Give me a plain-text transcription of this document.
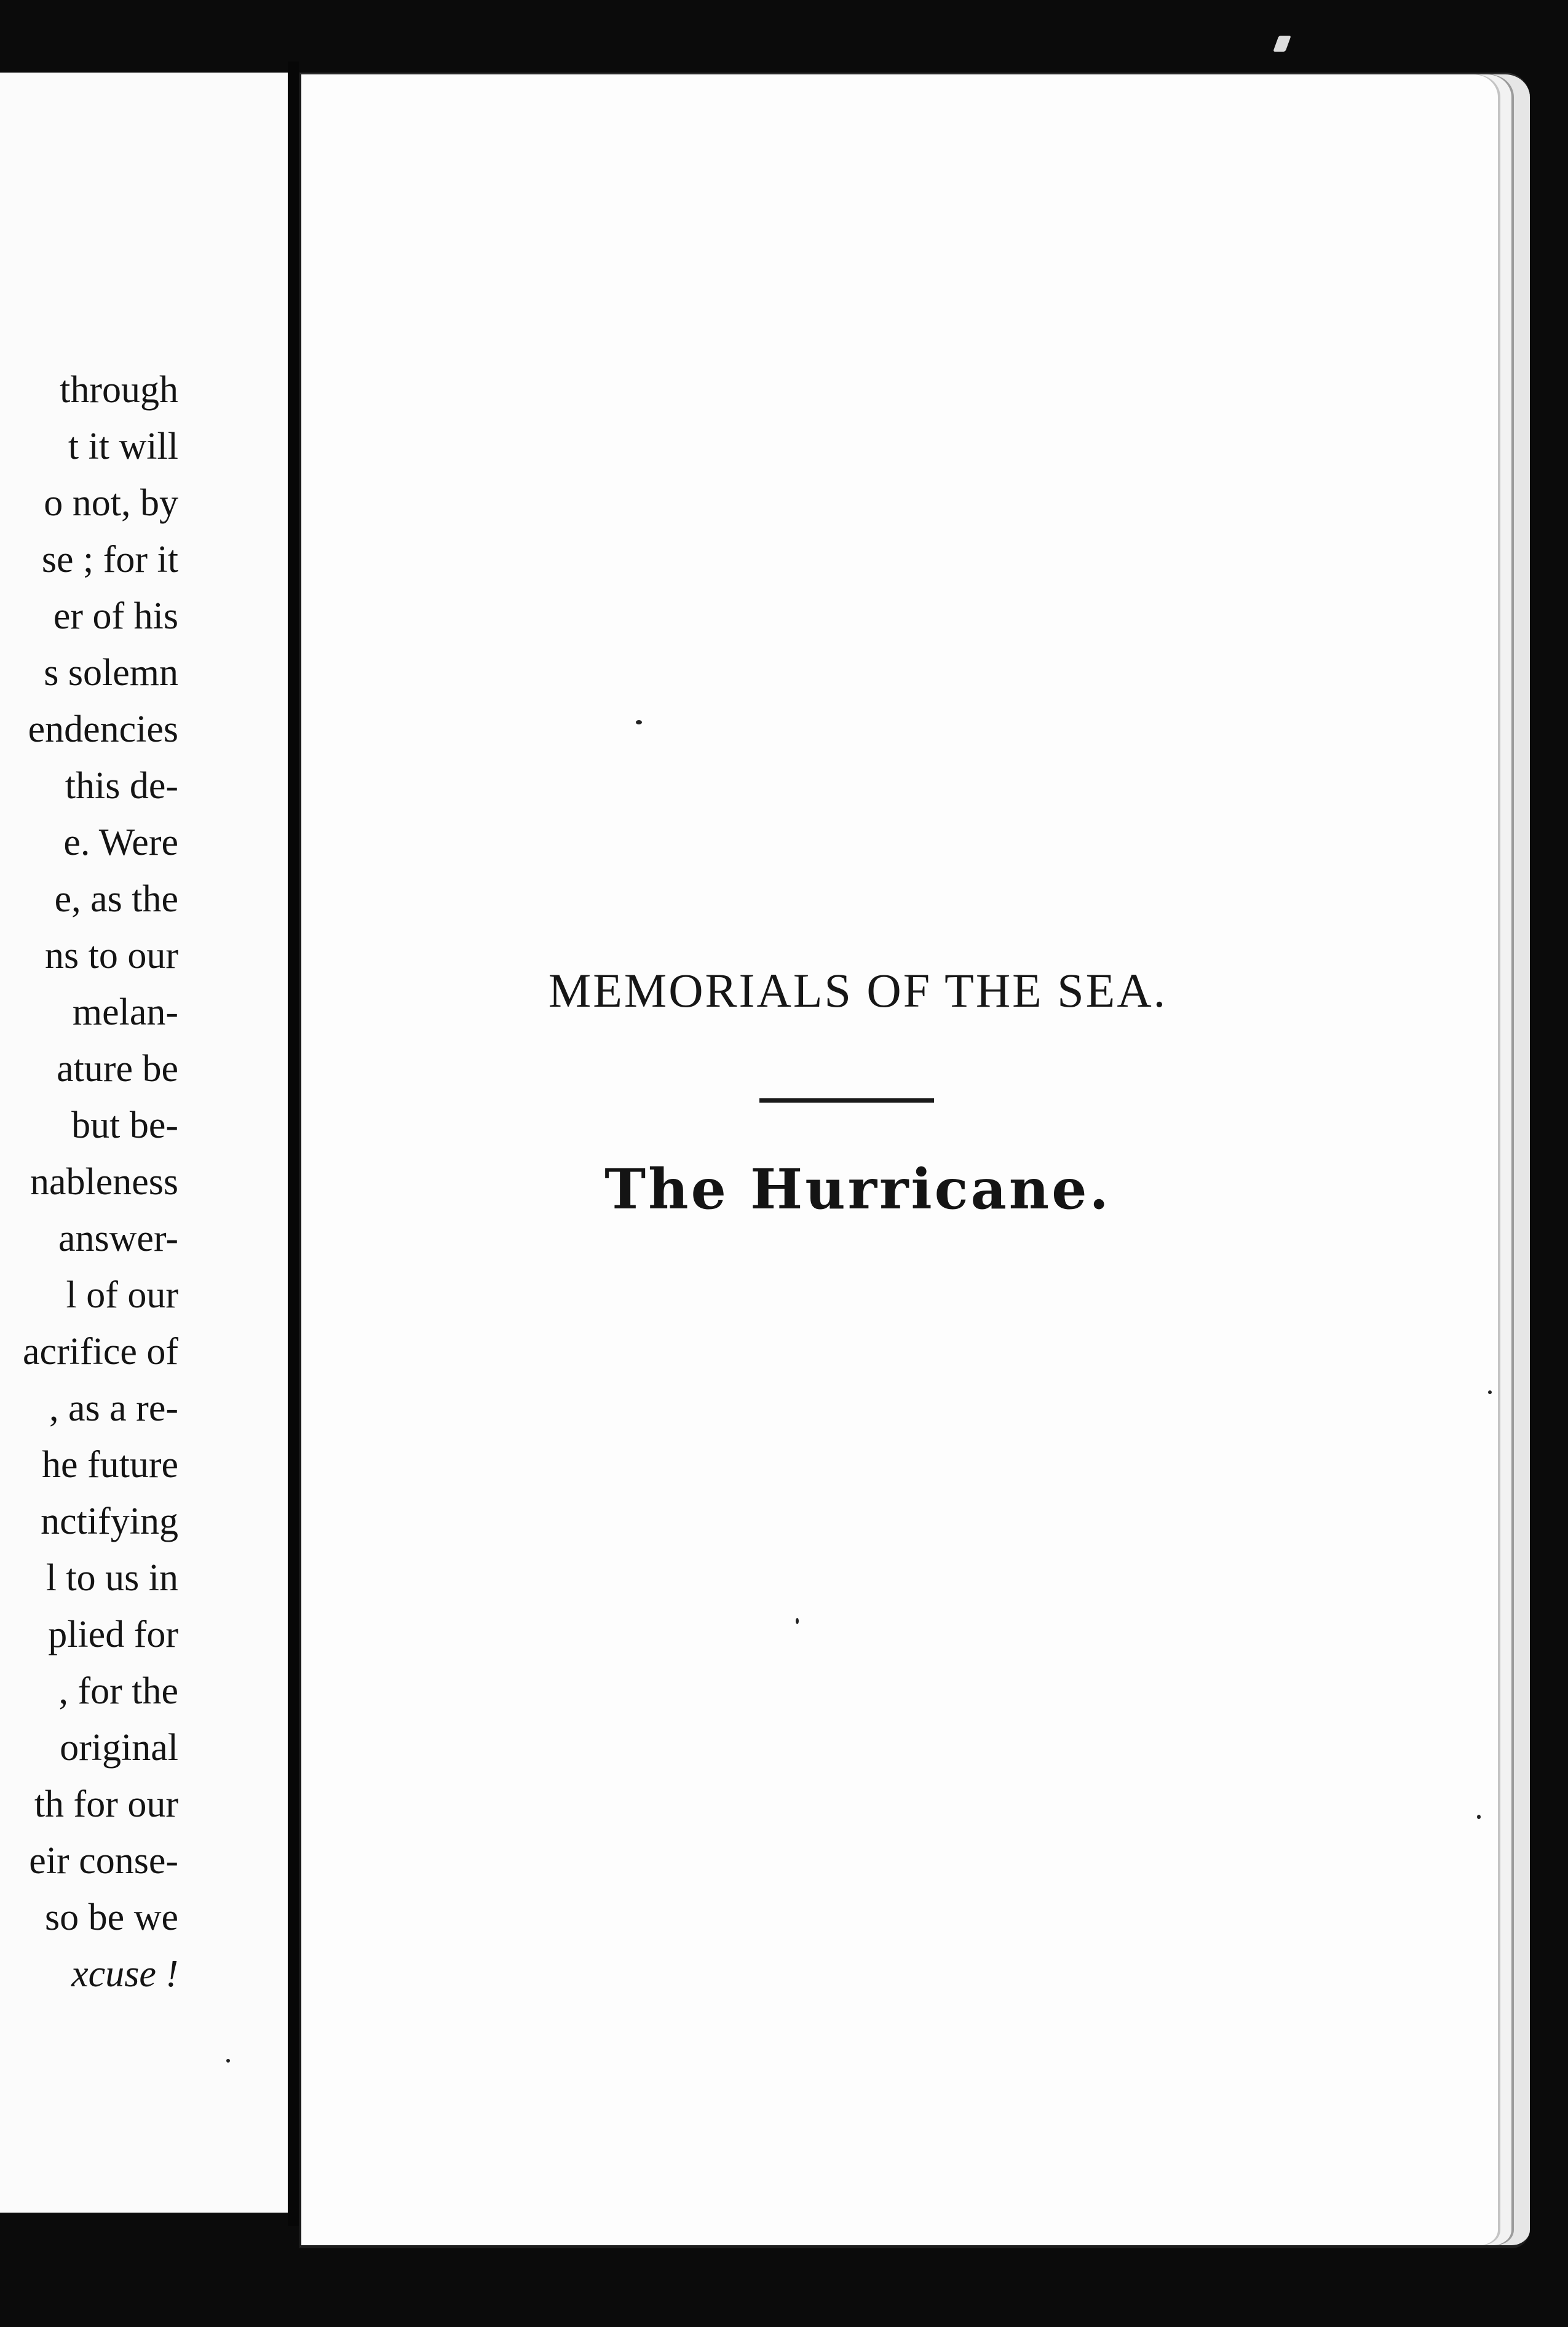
through
t it will
o not, by
se ; for it
er of his
s solemn
endencies
this de-
e. Were
e, as the
ns to our
melan-
ature be
but be-
nableness
answer-
l of our
acrifice of
, as a re-
he future
nctifying
l to us in
plied for
, for the
original
th for our
eir conse-
so be we
xcuse !
MEMORIALS OF THE SEA.
The Hurricane.
